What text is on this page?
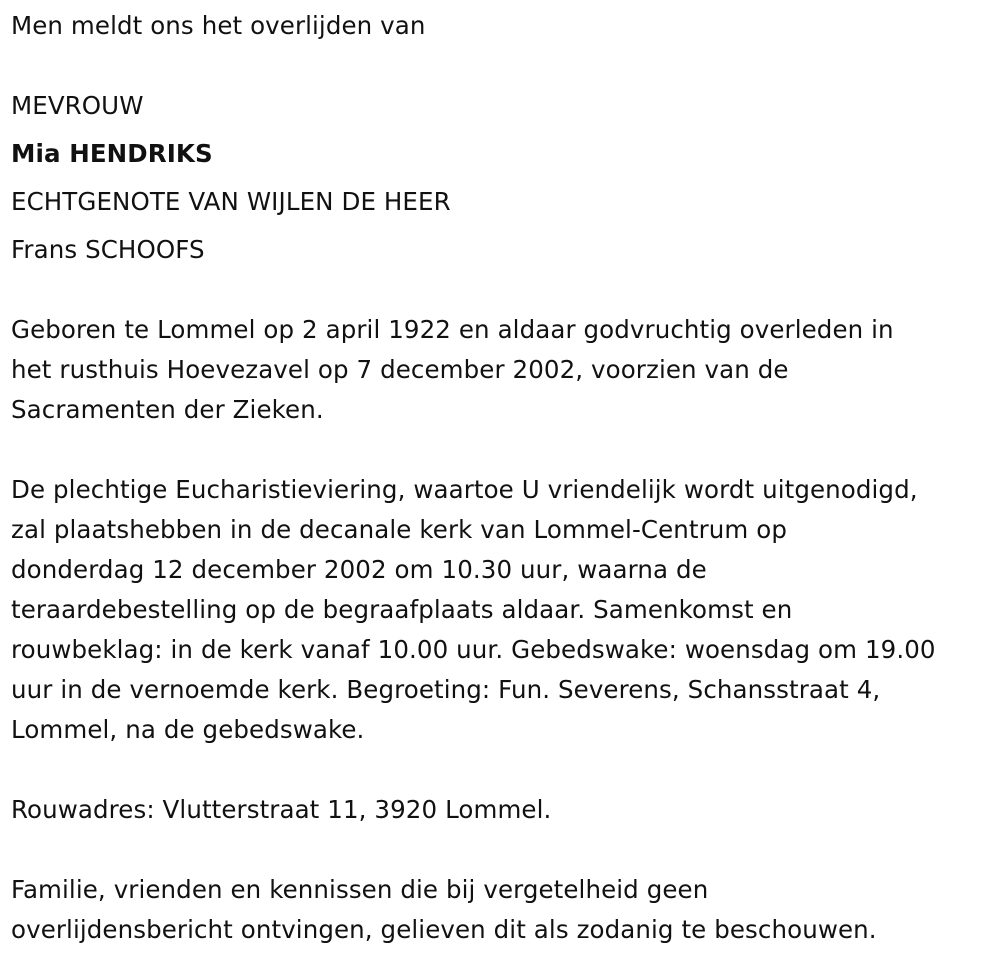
Men meldt ons het overlijden van
MEVROUW
Mia HENDRIKS
ECHTGENOTE VAN WIJLEN DE HEER
Frans SCHOOFS
Geboren te Lommel op 2 april 1922 en aldaar godvruchtig overleden in
het rusthuis Hoevezavel op 7 december 2002, voorzien van de
Sacramenten der Zieken.
De plechtige Eucharistieviering, waartoe U vriendelijk wordt uitgenodigd,
zal plaatshebben in de decanale kerk van Lommel-Centrum op
donderdag 12 december 2002 om 10.30 uur, waarna de
teraardebestelling op de begraafplaats aldaar. Samenkomst en
rouwbeklag: in de kerk vanaf 10.00 uur. Gebedswake: woensdag om 19.00
uur in de vernoemde kerk. Begroeting: Fun. Severens, Schansstraat 4,
Lommel, na de gebedswake.
Rouwadres: Vlutterstraat 11, 3920 Lommel.
Familie, vrienden en kennissen die bij vergetelheid geen
overlijdensbericht ontvingen, gelieven dit als zodanig te beschouwen.
